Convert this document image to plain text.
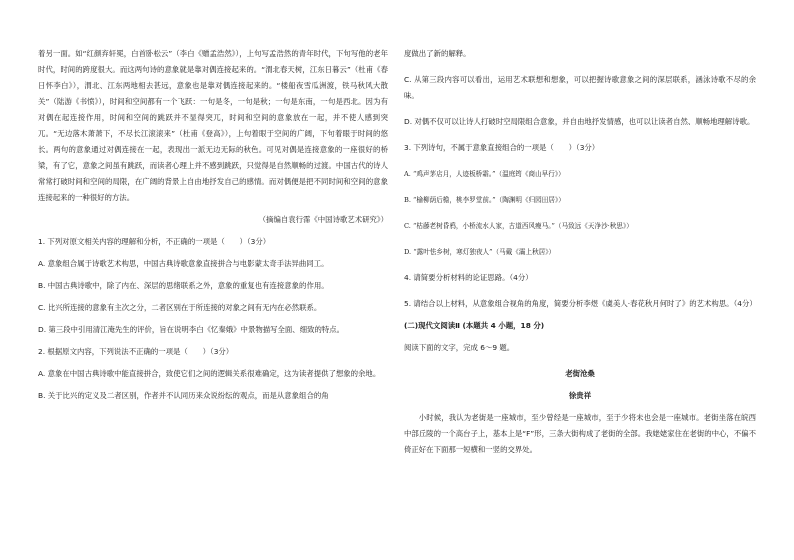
着另一面。如“红颜弃轩冕，白首卧松云”（李白《赠孟浩然》），上句写孟浩然的青年时代，下句写他的老年时代，时间的跨度很大。而这两句诗的意象就是靠对偶连接起来的。“渭北春天树，江东日暮云”（杜甫《春日怀李白》），渭北、江东两地相去甚远，意象也是靠对偶连接起来的。“楼船夜雪瓜洲渡，铁马秋风大散关”（陆游《书愤》），时间和空间都有一个飞跃：一句是冬，一句是秋；一句是东南，一句是西北。因为有对偶在起连接作用，时间和空间的跳跃并不显得突兀，时间和空间的意象放在一起，并不使人感到突兀。“无边落木萧萧下，不尽长江滚滚来”（杜甫《登高》），上句着眼于空间的广阔，下句着眼于时间的悠长。两句的意象通过对偶连接在一起，表现出一派无边无际的秋色。可见对偶是连接意象的一座很好的桥梁，有了它，意象之间虽有跳跃，而读者心理上并不感到跳跃，只觉得是自然顺畅的过渡。中国古代的诗人常常打破时间和空间的局限，在广阔的背景上自由地抒发自己的感情。而对偶便是把不同时间和空间的意象连接起来的一种很好的方法。

（摘编自袁行霈《中国诗歌艺术研究》）

1. 下列对原文相关内容的理解和分析，不正确的一项是（　　）（3分）

A. 意象组合属于诗歌艺术构思，中国古典诗歌意象直接拼合与电影蒙太奇手法异曲同工。

B. 中国古典诗歌中，除了内在、深层的思绪联系之外，意象的重复也有连接意象的作用。

C. 比兴所连接的意象有主次之分，二者区别在于所连接的对象之间有无内在必然联系。

D. 第三段中引用清江淹先生的评价，旨在说明李白《忆秦娥》中景物描写全面、细致的特点。

2. 根据原文内容，下列说法不正确的一项是（　　）（3分）

A. 意象在中国古典诗歌中能直接拼合，致使它们之间的逻辑关系很难确定，这为读者提供了想象的余地。

B. 关于比兴的定义及二者区别，作者并不认同历来众说纷纭的观点，而是从意象组合的角

度做出了新的解释。

C. 从第三段内容可以看出，运用艺术联想和想象，可以把握诗歌意象之间的深层联系，涵泳诗歌不尽的余味。

D. 对偶不仅可以让诗人打破时空局限组合意象，并自由地抒发情感，也可以让读者自然、顺畅地理解诗歌。

3. 下列诗句，不属于意象直接组合的一项是（　　）（3分）

A. “鸡声茅店月，人迹板桥霜。”（温庭筠《商山早行》）

B. “榆柳荫后檐，桃李罗堂前。”（陶渊明《归园田居》）

C. “枯藤老树昏鸦，小桥流水人家，古道西风瘦马。”（马致远《天净沙·秋思》）

D. “露叶怯乡树，寒灯独夜人”（马戴《灞上秋居》）

4. 请简要分析材料的论证思路。（4分）

5. 请结合以上材料，从意象组合视角的角度，简要分析李煜《虞美人·春花秋月何时了》的艺术构思。（4分）

(二)现代文阅读Ⅱ (本题共 4 小题，18 分)

阅读下面的文字，完成 6～9 题。

老街沧桑

徐贵祥

小时候，我认为老街是一座城市，至少曾经是一座城市，至于少将未也会是一座城市。老街坐落在皖西中部丘陵的一个高台子上，基本上是“F”形，三条大街构成了老街的全部。我姥姥家住在老街的中心，不偏不倚正好在下面那一短横和一竖的交界处。
